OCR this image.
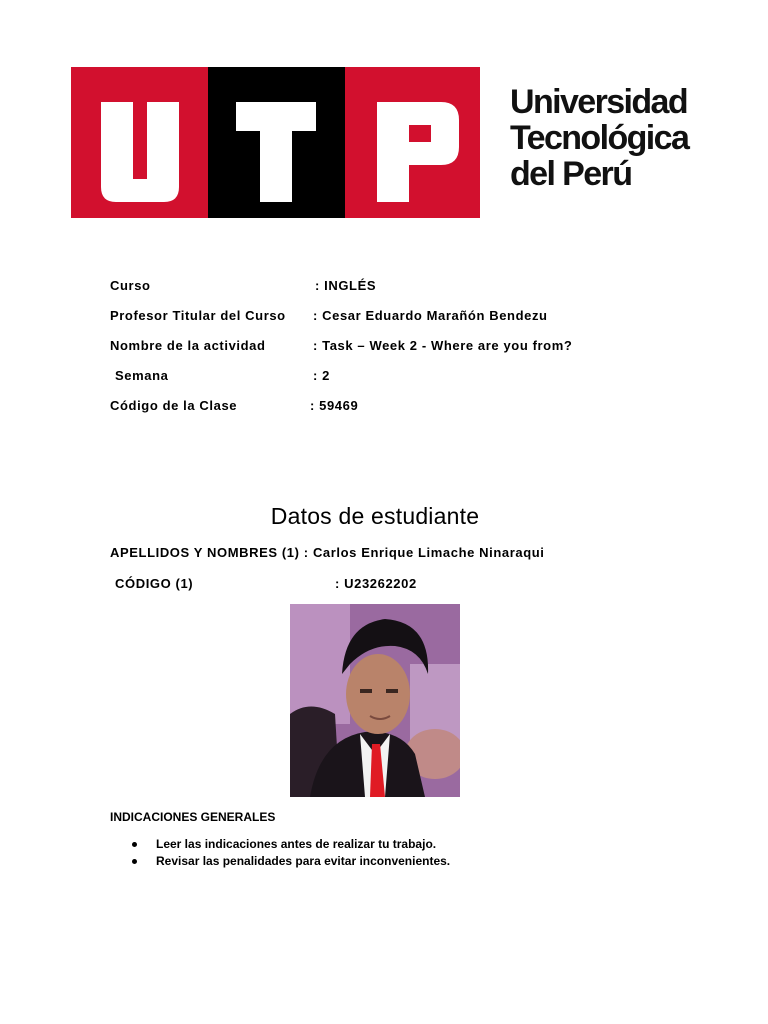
Universidad
Tecnológica
del Perú
Curso	: INGLÉS
Profesor Titular del Curso : Cesar Eduardo Marañón Bendezu
Nombre de la actividad	: Task – Week 2 - Where are you from?
Semana	: 2
Código de la Clase	: 59469
Datos de estudiante
APELLIDOS Y NOMBRES (1) : Carlos Enrique Limache Ninaraqui
CÓDIGO (1)	: U23262202
INDICACIONES GENERALES
Leer las indicaciones antes de realizar tu trabajo.
Revisar las penalidades para evitar inconvenientes.
